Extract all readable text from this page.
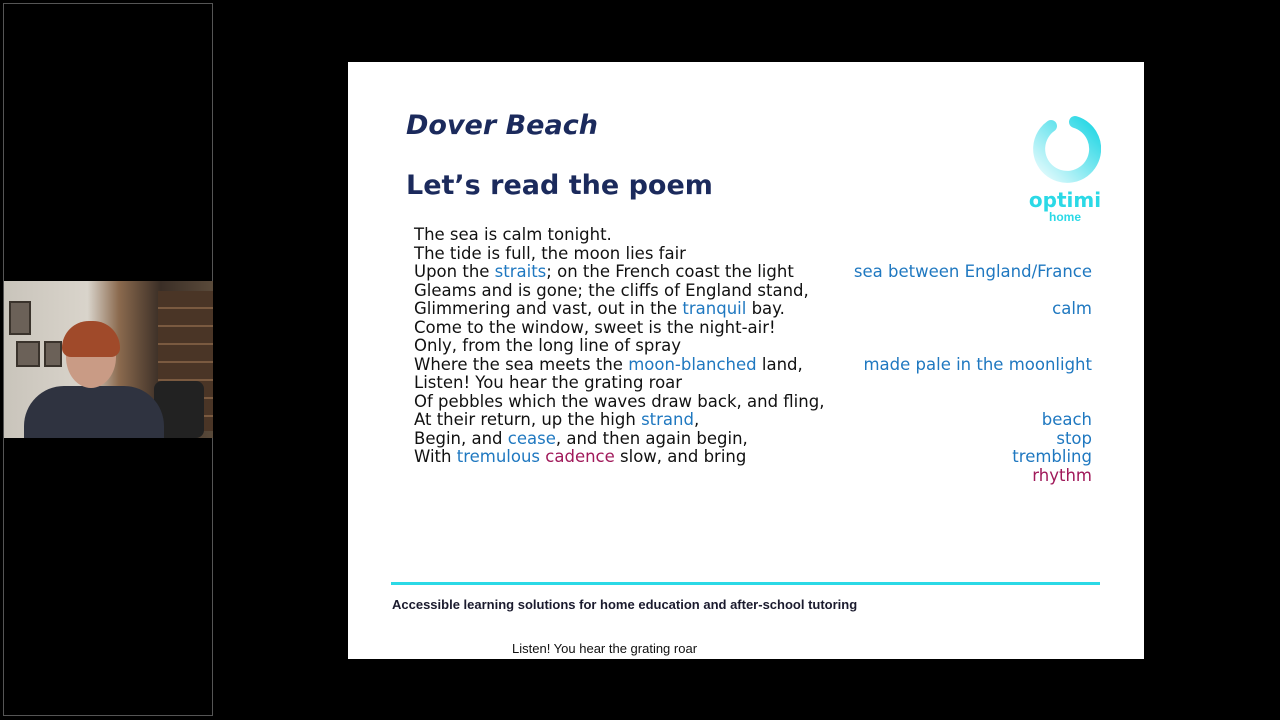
Dover Beach
Let’s read the poem	optimi
home
The sea is calm tonight.
The tide is full, the moon lies fair
Upon the straits; on the French coast the light	sea between England/France
Gleams and is gone; the cliffs of England stand,
Glimmering and vast, out in the tranquil bay.	calm
Come to the window, sweet is the night-air!
Only, from the long line of spray
Where the sea meets the moon-blanched land,	made pale in the moonlight
Listen! You hear the grating roar
Of pebbles which the waves draw back, and fling,
At their return, up the high strand,	beach
Begin, and cease, and then again begin,	stop
With tremulous cadence slow, and bring	trembling
rhythm
Accessible learning solutions for home education and after-school tutoring
Listen! You hear the grating roar
